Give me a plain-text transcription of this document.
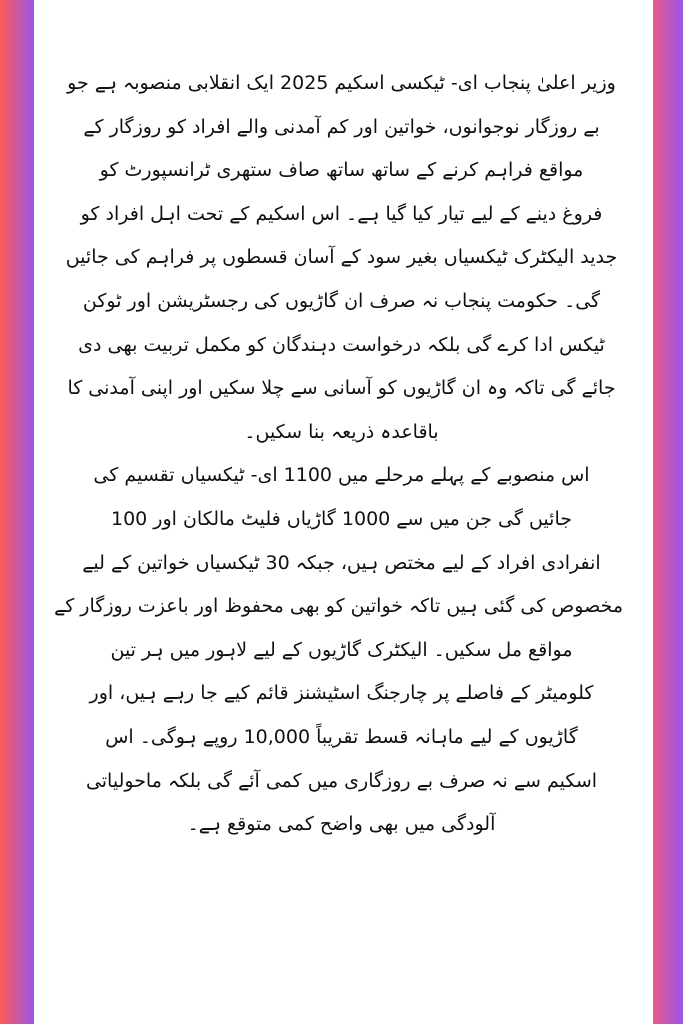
وزیر اعلیٰ پنجاب ای- ٹیکسی اسکیم 2025 ایک انقلابی منصوبہ ہے جو
بے روزگار نوجوانوں، خواتین اور کم آمدنی والے افراد کو روزگار کے
مواقع فراہم کرنے کے ساتھ ساتھ صاف ستھری ٹرانسپورٹ کو
فروغ دینے کے لیے تیار کیا گیا ہے۔ اس اسکیم کے تحت اہل افراد کو
جدید الیکٹرک ٹیکسیاں بغیر سود کے آسان قسطوں پر فراہم کی جائیں
گی۔ حکومت پنجاب نہ صرف ان گاڑیوں کی رجسٹریشن اور ٹوکن
ٹیکس ادا کرے گی بلکہ درخواست دہندگان کو مکمل تربیت بھی دی
جائے گی تاکہ وہ ان گاڑیوں کو آسانی سے چلا سکیں اور اپنی آمدنی کا
باقاعدہ ذریعہ بنا سکیں۔
اس منصوبے کے پہلے مرحلے میں 1100 ای- ٹیکسیاں تقسیم کی
جائیں گی جن میں سے 1000 گاڑیاں فلیٹ مالکان اور 100
انفرادی افراد کے لیے مختص ہیں، جبکہ 30 ٹیکسیاں خواتین کے لیے
مخصوص کی گئی ہیں تاکہ خواتین کو بھی محفوظ اور باعزت روزگار کے
مواقع مل سکیں۔ الیکٹرک گاڑیوں کے لیے لاہور میں ہر تین
کلومیٹر کے فاصلے پر چارجنگ اسٹیشنز قائم کیے جا رہے ہیں، اور
گاڑیوں کے لیے ماہانہ قسط تقریباً 10,000 روپے ہوگی۔ اس
اسکیم سے نہ صرف بے روزگاری میں کمی آئے گی بلکہ ماحولیاتی
آلودگی میں بھی واضح کمی متوقع ہے۔
